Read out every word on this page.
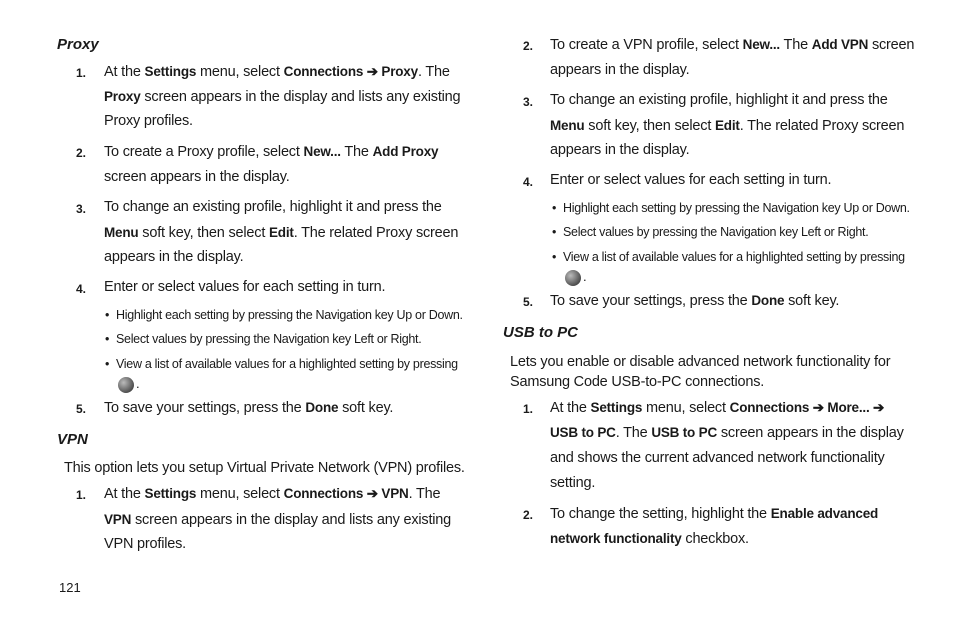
Proxy
1. At the Settings menu, select Connections ➔ Proxy. The
Proxy screen appears in the display and lists any existing
Proxy profiles.
2. To create a Proxy profile, select New... The Add Proxy
screen appears in the display.
3. To change an existing profile, highlight it and press the
Menu soft key, then select Edit. The related Proxy screen
appears in the display.
4. Enter or select values for each setting in turn.
• Highlight each setting by pressing the Navigation key Up or Down.
• Select values by pressing the Navigation key Left or Right.
• View a list of available values for a highlighted setting by pressing
.
5. To save your settings, press the Done soft key.
VPN
This option lets you setup Virtual Private Network (VPN) profiles.
1. At the Settings menu, select Connections ➔ VPN. The
VPN screen appears in the display and lists any existing
VPN profiles.
121
2. To create a VPN profile, select New... The Add VPN screen
appears in the display.
3. To change an existing profile, highlight it and press the
Menu soft key, then select Edit. The related Proxy screen
appears in the display.
4. Enter or select values for each setting in turn.
• Highlight each setting by pressing the Navigation key Up or Down.
• Select values by pressing the Navigation key Left or Right.
• View a list of available values for a highlighted setting by pressing
.
5. To save your settings, press the Done soft key.
USB to PC
Lets you enable or disable advanced network functionality for
Samsung Code USB-to-PC connections.
1. At the Settings menu, select Connections ➔ More... ➔
USB to PC. The USB to PC screen appears in the display
and shows the current advanced network functionality
setting.
2. To change the setting, highlight the Enable advanced
network functionality checkbox.
